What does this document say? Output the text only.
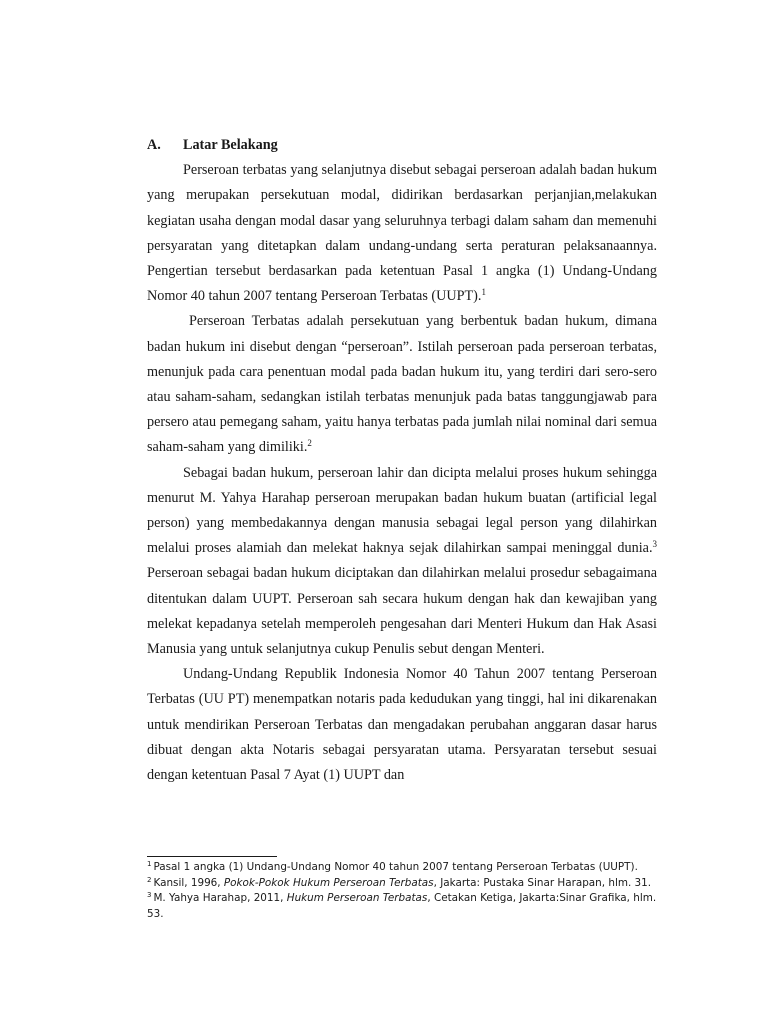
A. Latar Belakang

Perseroan terbatas yang selanjutnya disebut sebagai perseroan adalah badan hukum yang merupakan persekutuan modal, didirikan berdasarkan perjanjian,melakukan kegiatan usaha dengan modal dasar yang seluruhnya terbagi dalam saham dan memenuhi persyaratan yang ditetapkan dalam undang-undang serta peraturan pelaksanaannya. Pengertian tersebut berdasarkan pada ketentuan Pasal 1 angka (1) Undang-Undang Nomor 40 tahun 2007 tentang Perseroan Terbatas (UUPT).$^1$

Perseroan Terbatas adalah persekutuan yang berbentuk badan hukum, dimana badan hukum ini disebut dengan “perseroan”. Istilah perseroan pada perseroan terbatas, menunjuk pada cara penentuan modal pada badan hukum itu, yang terdiri dari sero-sero atau saham-saham, sedangkan istilah terbatas menunjuk pada batas tanggungjawab para persero atau pemegang saham, yaitu hanya terbatas pada jumlah nilai nominal dari semua saham-saham yang dimiliki.$^2$

Sebagai badan hukum, perseroan lahir dan dicipta melalui proses hukum sehingga menurut M. Yahya Harahap perseroan merupakan badan hukum buatan (artificial legal person) yang membedakannya dengan manusia sebagai legal person yang dilahirkan melalui proses alamiah dan melekat haknya sejak dilahirkan sampai meninggal dunia.$^3$ Perseroan sebagai badan hukum diciptakan dan dilahirkan melalui prosedur sebagaimana ditentukan dalam UUPT. Perseroan sah secara hukum dengan hak dan kewajiban yang melekat kepadanya setelah memperoleh pengesahan dari Menteri Hukum dan Hak Asasi Manusia yang untuk selanjutnya cukup Penulis sebut dengan Menteri.

Undang-Undang Republik Indonesia Nomor 40 Tahun 2007 tentang Perseroan Terbatas (UU PT) menempatkan notaris pada kedudukan yang tinggi, hal ini dikarenakan untuk mendirikan Perseroan Terbatas dan mengadakan perubahan anggaran dasar harus dibuat dengan akta Notaris sebagai persyaratan utama. Persyaratan tersebut sesuai dengan ketentuan Pasal 7 Ayat (1) UUPT dan

$^1$ Pasal 1 angka (1) Undang-Undang Nomor 40 tahun 2007 tentang Perseroan Terbatas (UUPT).

$^2$ Kansil, 1996, Pokok-Pokok Hukum Perseroan Terbatas, Jakarta: Pustaka Sinar Harapan, hlm. 31.

$^3$ M. Yahya Harahap, 2011, Hukum Perseroan Terbatas, Cetakan Ketiga, Jakarta:Sinar Grafika, hlm. 53.
